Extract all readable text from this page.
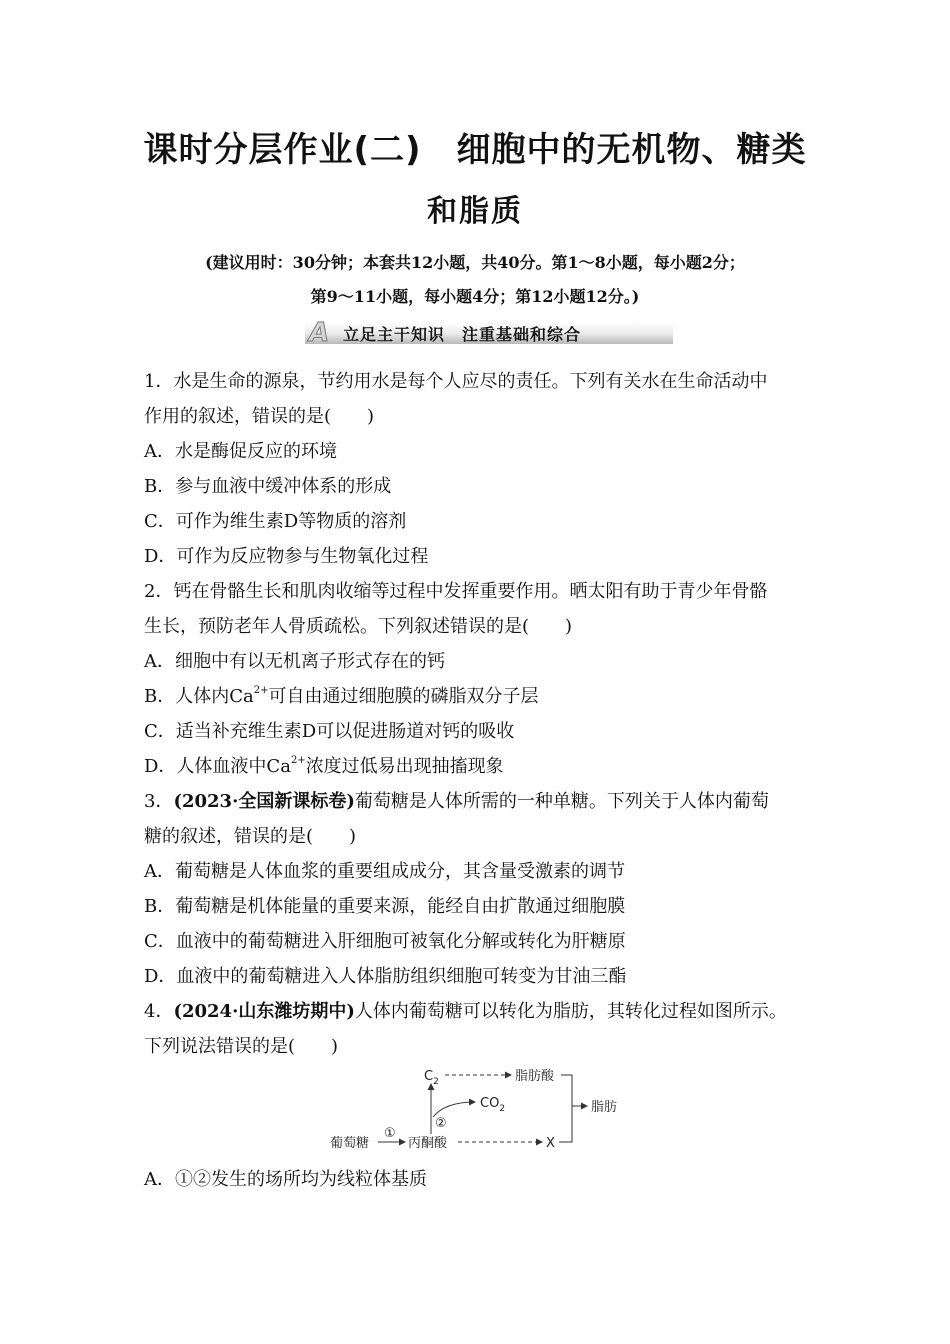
课时分层作业(二)　细胞中的无机物、糖类
和脂质
(建议用时：30分钟；本套共12小题，共40分。第1～8小题，每小题2分；
第9～11小题，每小题4分；第12小题12分。)
A 立足主干知识　注重基础和综合
1．水是生命的源泉，节约用水是每个人应尽的责任。下列有关水在生命活动中
作用的叙述，错误的是(　　)
A．水是酶促反应的环境
B．参与血液中缓冲体系的形成
C．可作为维生素D等物质的溶剂
D．可作为反应物参与生物氧化过程
2．钙在骨骼生长和肌肉收缩等过程中发挥重要作用。晒太阳有助于青少年骨骼
生长，预防老年人骨质疏松。下列叙述错误的是(　　)
A．细胞中有以无机离子形式存在的钙
B．人体内$Ca^{2+}$可自由通过细胞膜的磷脂双分子层
C．适当补充维生素D可以促进肠道对钙的吸收
D．人体血液中$Ca^{2+}$浓度过低易出现抽搐现象
3．(2023·全国新课标卷)葡萄糖是人体所需的一种单糖。下列关于人体内葡萄
糖的叙述，错误的是(　　)
A．葡萄糖是人体血浆的重要组成成分，其含量受激素的调节
B．葡萄糖是机体能量的重要来源，能经自由扩散通过细胞膜
C．血液中的葡萄糖进入肝细胞可被氧化分解或转化为肝糖原
D．血液中的葡萄糖进入人体脂肪组织细胞可转变为甘油三酯
4．(2024·山东潍坊期中)人体内葡萄糖可以转化为脂肪，其转化过程如图所示。
下列说法错误的是(　　)
葡萄糖
①
丙酮酸
②
$CO_2$
$C_2$	脂肪酸
X
脂肪
A．①②发生的场所均为线粒体基质
